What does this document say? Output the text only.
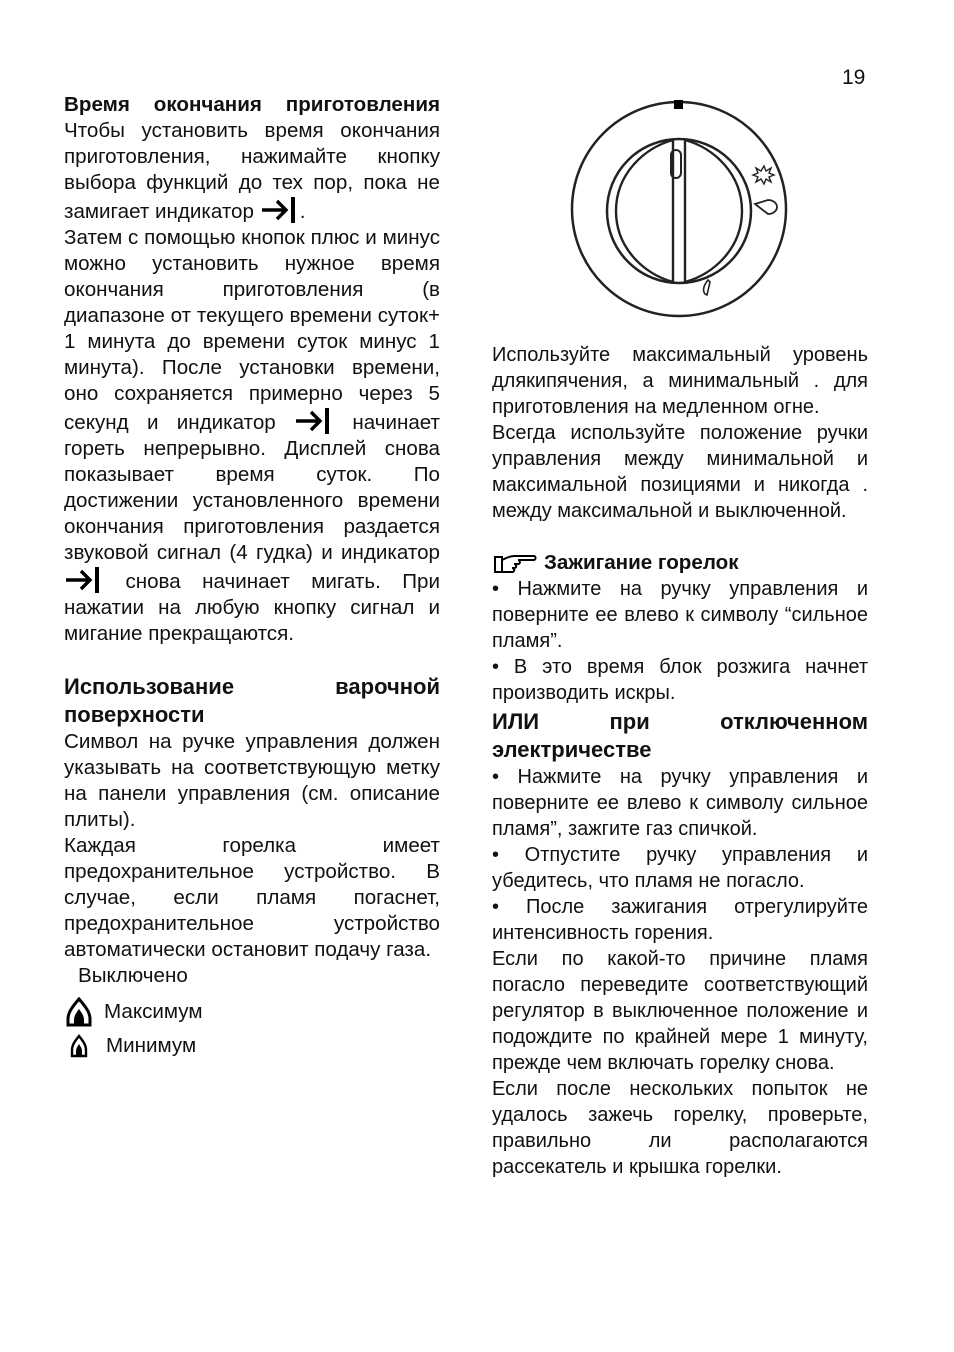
19
Время окончания приготовления
Чтобы установить время окончания приготовления, нажимайте кнопку выбора функций до тех пор, пока не замигает индикатор .
Затем с помощью кнопок плюс и минус можно установить нужное время окончания приготовления (в диапазоне от текущего времени суток+ 1 минута до времени суток минус 1 минута). После установки времени, оно сохраняется примерно через 5 секунд и индикатор	начинает гореть непрерывно. Дисплей снова показывает время суток. По достижении установленного времени окончания приготовления раздается звуковой сигнал (4 гудка) и индикатор  снова начинает мигать. При нажатии на любую кнопку сигнал и мигание прекращаются.
Использование варочной поверхности
Символ на ручке управления должен указывать на соответствующую метку на панели управления (см. описание плиты).
Каждая горелка имеет предохранительное устройство. В случае, если пламя погаснет, предохранительное устройство автоматически остановит подачу газа.
Выключено
Максимум
Минимум
Используйте максимальный уровень длякипячения, а минимальный . для приготовления на медленном огне.
Всегда используйте положение ручки управления между минимальной и максимальной позициями и никогда . между максимальной и выключенной.
Зажигание горелок
• Нажмите на ручку управления и поверните ее влево к символу “сильное пламя”.
• В это время блок розжига начнет производить искры.
ИЛИ при отключенном электричестве
• Нажмите на ручку управления и поверните ее влево к символу сильное пламя”, зажгите газ спичкой.
• Отпустите ручку управления и убедитесь, что пламя не погасло.
• После зажигания отрегулируйте интенсивность горения.
Если по какой-то причине пламя погасло переведите соответствующий регулятор в выключенное положение и подождите по крайней мере 1 минуту, прежде чем включать горелку снова.
Если после нескольких попыток не удалось зажечь горелку, проверьте, правильно ли располагаются рассекатель и крышка горелки.
